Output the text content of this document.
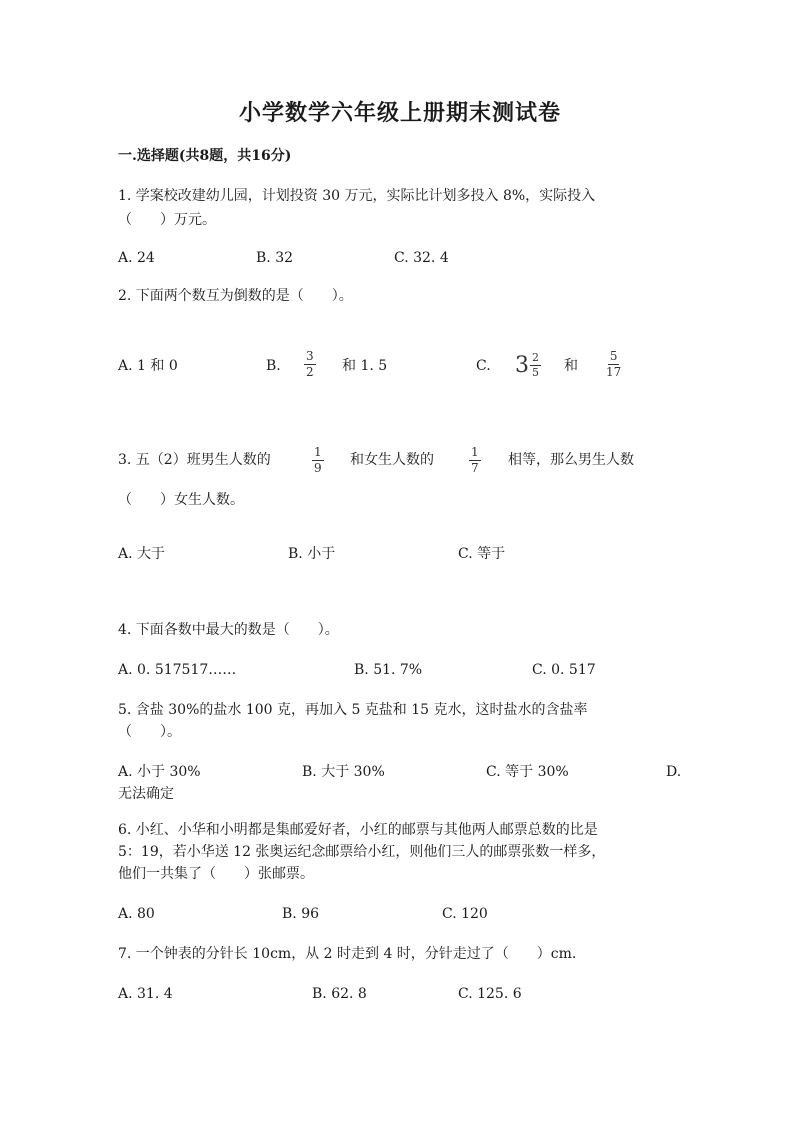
小学数学六年级上册期末测试卷
一.选择题(共8题，共16分)
1. 学案校改建幼儿园，计划投资 30 万元，实际比计划多投入 8%，实际投入
（　　）万元。
A. 24	B. 32	C. 32. 4
2. 下面两个数互为倒数的是（　　）。
A. 1 和 0	B. $\frac{3}{2}$ 和 1. 5	C. $3 \frac{2}{5}$ 和 $\frac{5}{17}$
3. 五（2）班男生人数的	$\frac{1}{9}$ 和女生人数的	$\frac{1}{7}$ 相等，那么男生人数
（　　）女生人数。
A. 大于	B. 小于	C. 等于
4. 下面各数中最大的数是（　　）。
A. 0. 517517……	B. 51. 7%	C. 0. 517
5. 含盐 30%的盐水 100 克，再加入 5 克盐和 15 克水，这时盐水的含盐率
（　　）。
A. 小于 30%	B. 大于 30%	C. 等于 30%	D.
无法确定
6. 小红、小华和小明都是集邮爱好者，小红的邮票与其他两人邮票总数的比是
5：19，若小华送 12 张奥运纪念邮票给小红，则他们三人的邮票张数一样多，
他们一共集了（　　）张邮票。
A. 80	B. 96	C. 120
7. 一个钟表的分针长 10cm，从 2 时走到 4 时，分针走过了（　　）cm.
A. 31. 4	B. 62. 8	C. 125. 6
